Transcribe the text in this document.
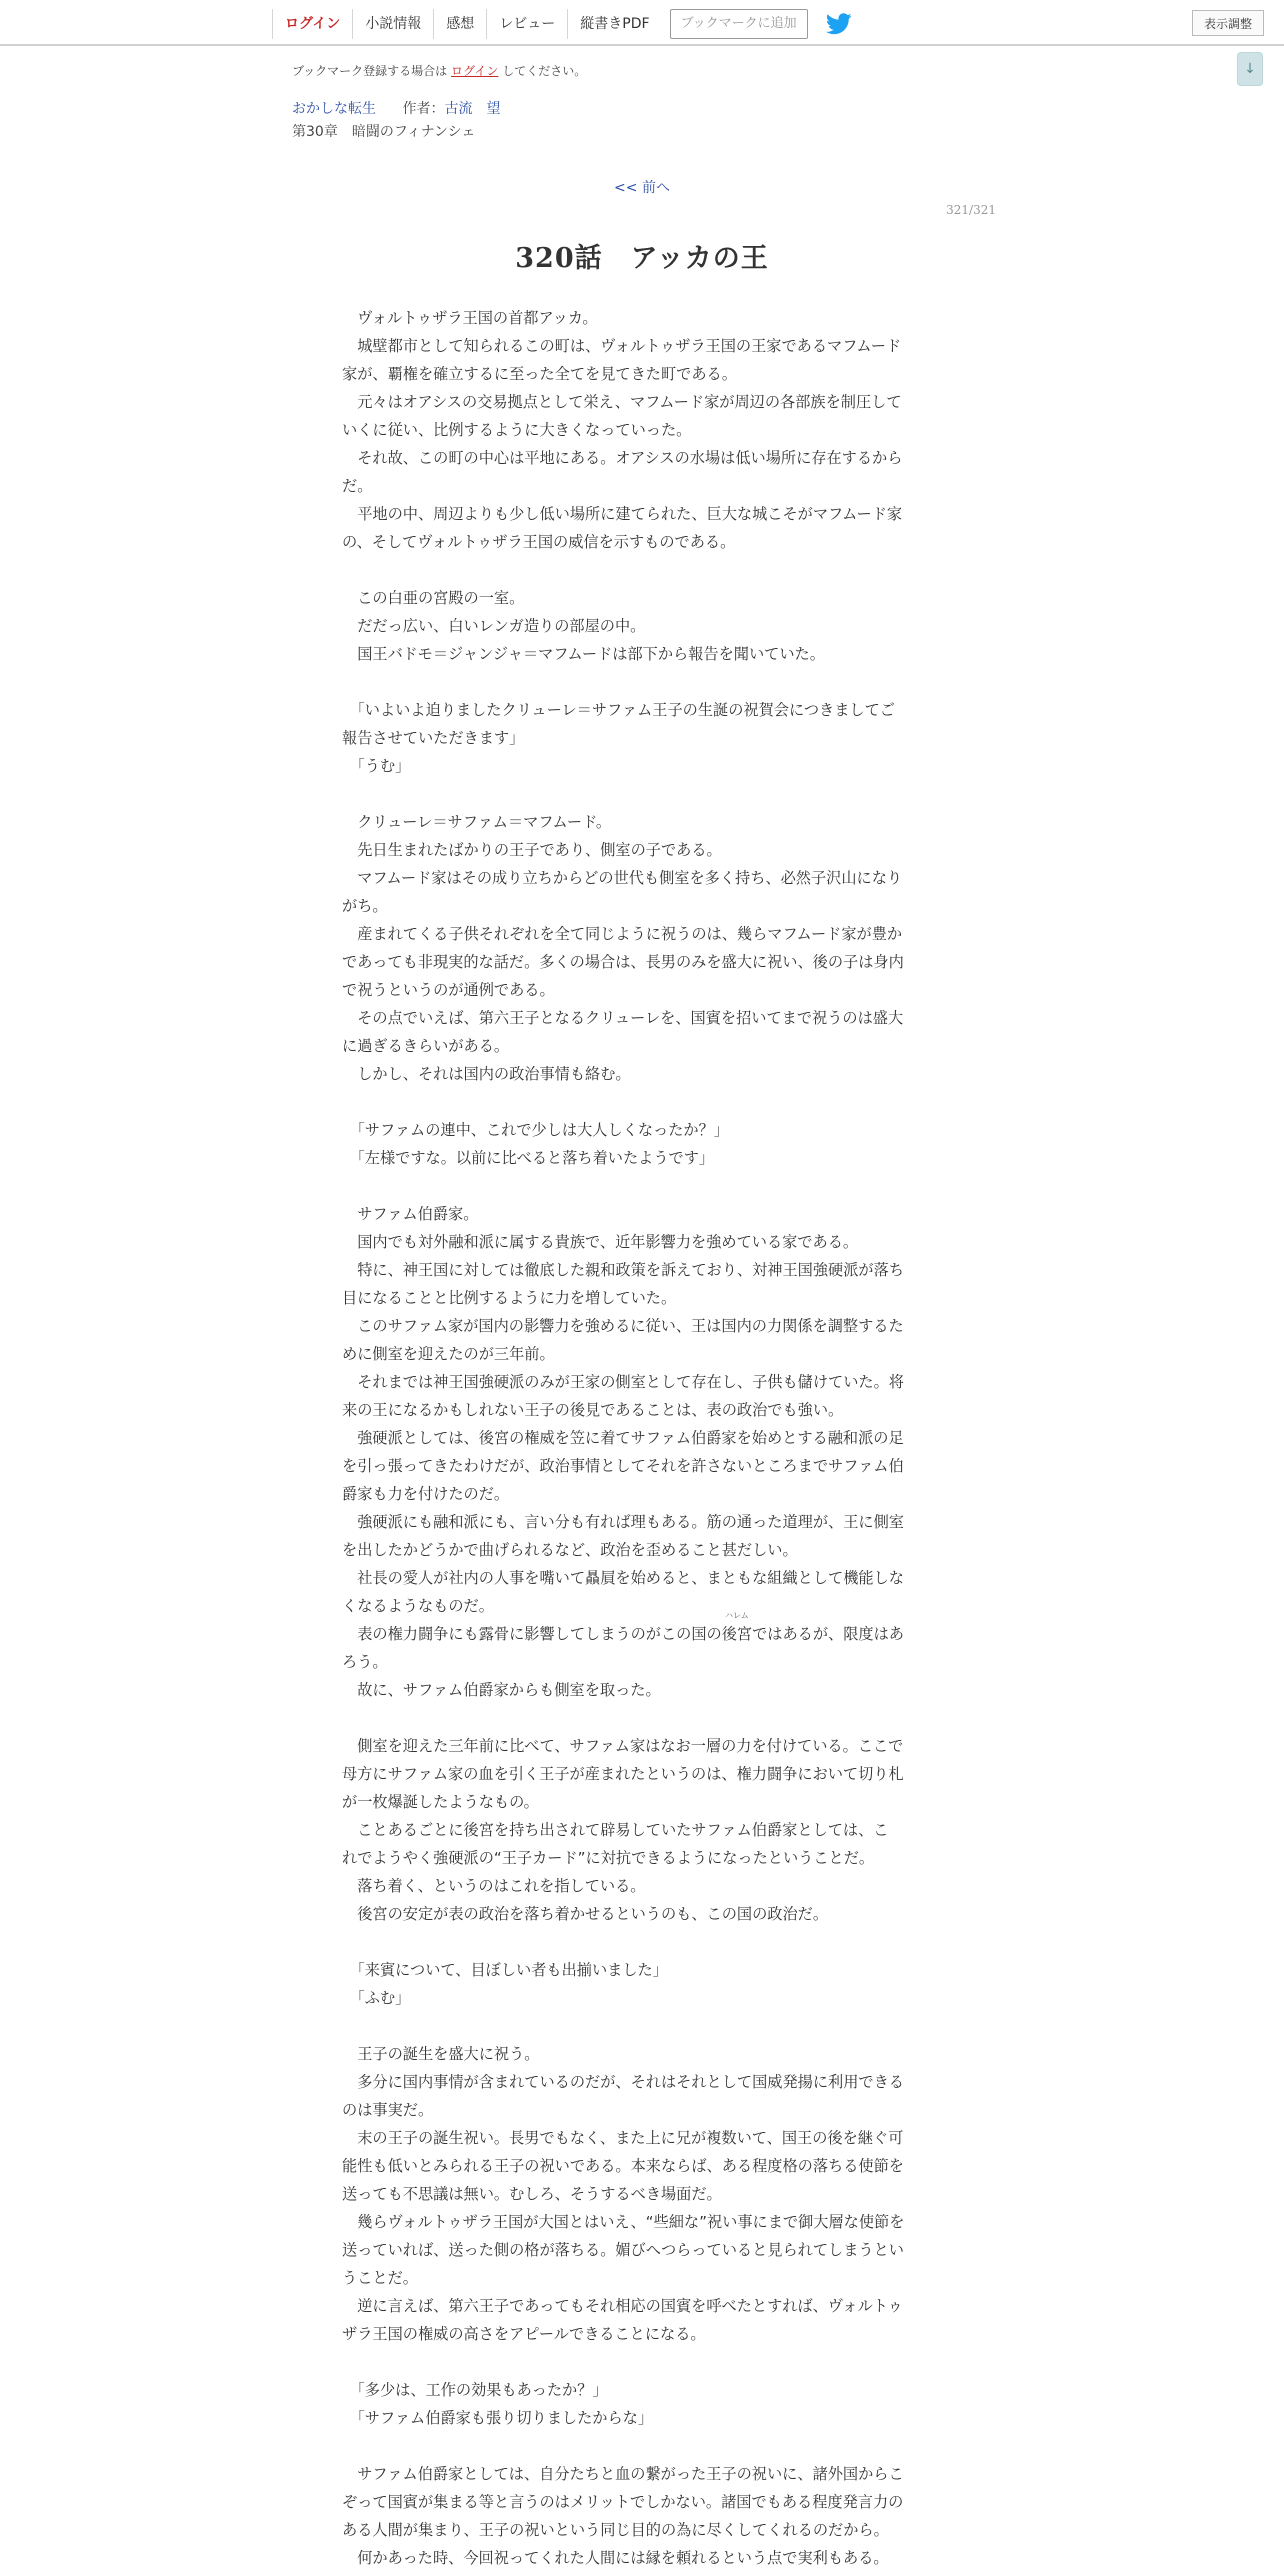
ログイン	小説情報	感想	レビュー	縦書きPDF	ブックマークに追加	表示調整
↓
ブックマーク登録する場合は ログイン してください。
おかしな転生 作者：古流　望
第30章　暗闘のフィナンシェ
<< 前へ
321/321
320話　アッカの王
　ヴォルトゥザラ王国の首都アッカ。
　城壁都市として知られるこの町は、ヴォルトゥザラ王国の王家であるマフムード
家が、覇権を確立するに至った全てを見てきた町である。
　元々はオアシスの交易拠点として栄え、マフムード家が周辺の各部族を制圧して
いくに従い、比例するように大きくなっていった。
　それ故、この町の中心は平地にある。オアシスの水場は低い場所に存在するから
だ。
　平地の中、周辺よりも少し低い場所に建てられた、巨大な城こそがマフムード家
の、そしてヴォルトゥザラ王国の威信を示すものである。

　この白亜の宮殿の一室。
　だだっ広い、白いレンガ造りの部屋の中。
　国王バドモ＝ジャンジャ＝マフムードは部下から報告を聞いていた。

　「いよいよ迫りましたクリューレ＝サファム王子の生誕の祝賀会につきましてご
報告させていただきます」
　「うむ」

　クリューレ＝サファム＝マフムード。
　先日生まれたばかりの王子であり、側室の子である。
　マフムード家はその成り立ちからどの世代も側室を多く持ち、必然子沢山になり
がち。
　産まれてくる子供それぞれを全て同じように祝うのは、幾らマフムード家が豊か
であっても非現実的な話だ。多くの場合は、長男のみを盛大に祝い、後の子は身内
で祝うというのが通例である。
　その点でいえば、第六王子となるクリューレを、国賓を招いてまで祝うのは盛大
に過ぎるきらいがある。
　しかし、それは国内の政治事情も絡む。

　「サファムの連中、これで少しは大人しくなったか？」
　「左様ですな。以前に比べると落ち着いたようです」

　サファム伯爵家。
　国内でも対外融和派に属する貴族で、近年影響力を強めている家である。
　特に、神王国に対しては徹底した親和政策を訴えており、対神王国強硬派が落ち
目になることと比例するように力を増していた。
　このサファム家が国内の影響力を強めるに従い、王は国内の力関係を調整するた
めに側室を迎えたのが三年前。
　それまでは神王国強硬派のみが王家の側室として存在し、子供も儲けていた。将
来の王になるかもしれない王子の後見であることは、表の政治でも強い。
　強硬派としては、後宮の権威を笠に着てサファム伯爵家を始めとする融和派の足
を引っ張ってきたわけだが、政治事情としてそれを許さないところまでサファム伯
爵家も力を付けたのだ。
　強硬派にも融和派にも、言い分も有れば理もある。筋の通った道理が、王に側室
を出したかどうかで曲げられるなど、政治を歪めること甚だしい。
　社長の愛人が社内の人事を嘴いて贔屓を始めると、まともな組織として機能しな
くなるようなものだ。
　表の権力闘争にも露骨に影響してしまうのがこの国の
ハレム
後宮ではあるが、限度はあ
ろう。
　故に、サファム伯爵家からも側室を取った。

　側室を迎えた三年前に比べて、サファム家はなお一層の力を付けている。ここで
母方にサファム家の血を引く王子が産まれたというのは、権力闘争において切り札
が一枚爆誕したようなもの。
　ことあるごとに後宮を持ち出されて辟易していたサファム伯爵家としては、こ
れでようやく強硬派の“王子カード”に対抗できるようになったということだ。
　落ち着く、というのはこれを指している。
　後宮の安定が表の政治を落ち着かせるというのも、この国の政治だ。

　「来賓について、目ぼしい者も出揃いました」
　「ふむ」

　王子の誕生を盛大に祝う。
　多分に国内事情が含まれているのだが、それはそれとして国威発揚に利用できる
のは事実だ。
　末の王子の誕生祝い。長男でもなく、また上に兄が複数いて、国王の後を継ぐ可
能性も低いとみられる王子の祝いである。本来ならば、ある程度格の落ちる使節を
送っても不思議は無い。むしろ、そうするべき場面だ。
　幾らヴォルトゥザラ王国が大国とはいえ、“些細な”祝い事にまで御大層な使節を
送っていれば、送った側の格が落ちる。媚びへつらっていると見られてしまうとい
うことだ。
　逆に言えば、第六王子であってもそれ相応の国賓を呼べたとすれば、ヴォルトゥ
ザラ王国の権威の高さをアピールできることになる。

　「多少は、工作の効果もあったか？」
　「サファム伯爵家も張り切りましたからな」

　サファム伯爵家としては、自分たちと血の繋がった王子の祝いに、諸外国からこ
ぞって国賓が集まる等と言うのはメリットでしかない。諸国でもある程度発言力の
ある人間が集まり、王子の祝いという同じ目的の為に尽くしてくれるのだから。
　何かあった時、今回祝ってくれた人間には縁を頼れるという点で実利もある。
